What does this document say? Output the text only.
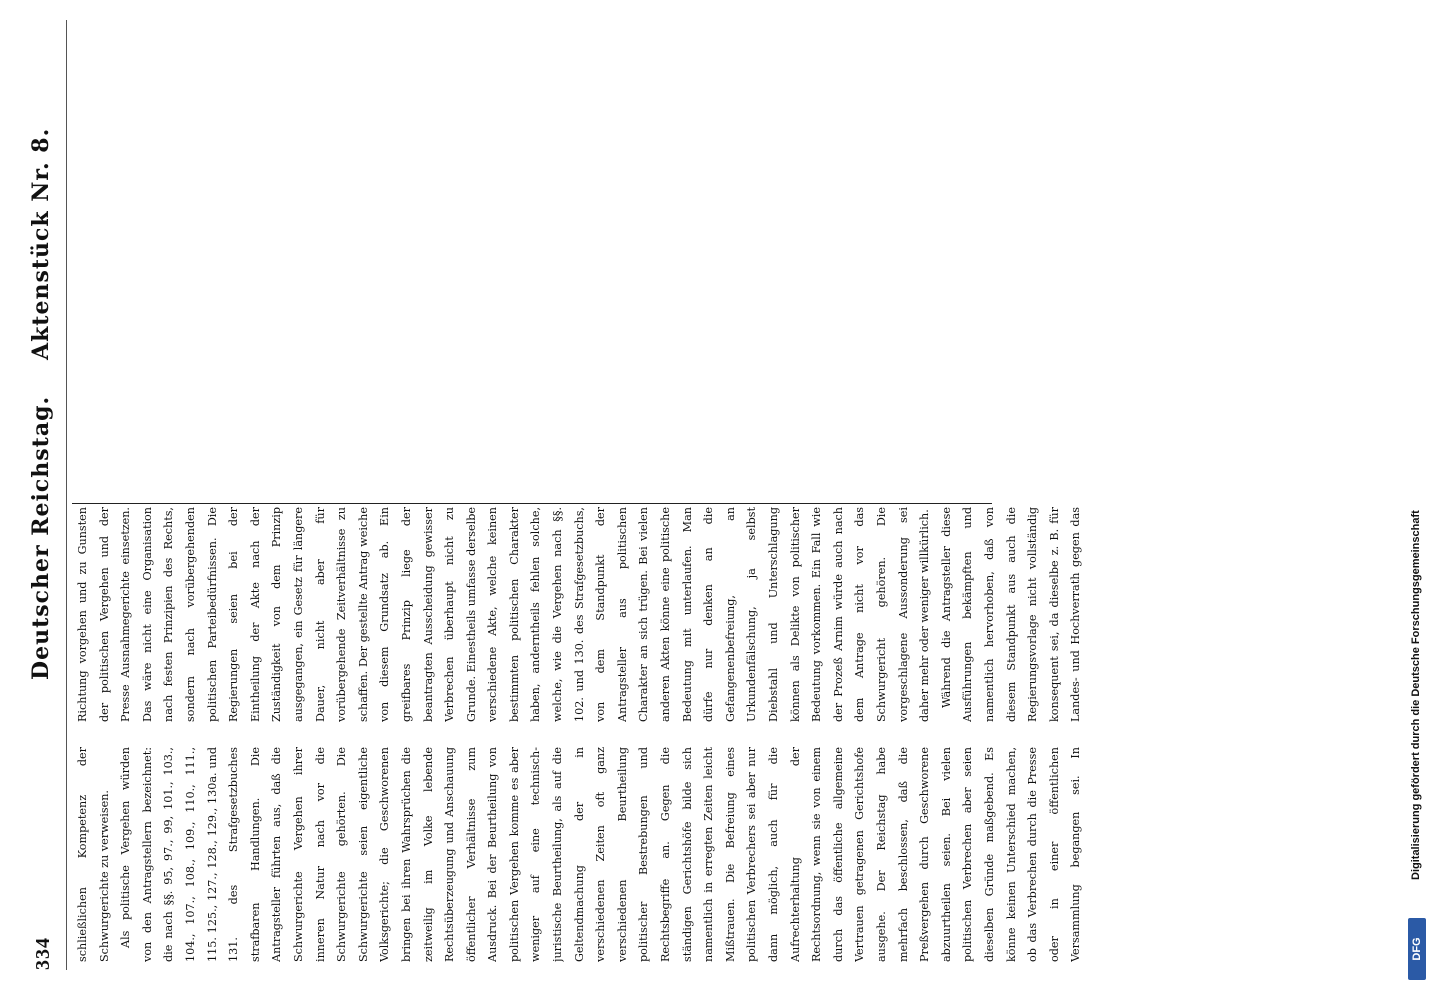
334
Deutscher Reichstag.
Aktenstück Nr. 8.

schließlichen Kompetenz der Schwurgerichte zu verweisen. Als politische Vergehen würden von den Antragstellern bezeichnet: die nach §§. 95, 97., 99, 101., 103., 104., 107., 108., 109., 110., 111., 115. 125., 127., 128., 129., 130a. und 131. des Strafgesetzbuches strafbaren Handlungen. Die Antragsteller führten aus, daß die Schwurgerichte Vergehen ihrer inneren Natur nach vor die Schwurgerichte gehörten. Die Schwurgerichte seien eigentliche Volksgerichte; die Geschworenen bringen bei ihren Wahrsprüchen die zeitweilig im Volke lebende Rechtsüberzeugung und Anschauung öffentlicher Verhältnisse zum Ausdruck. Bei der Beurtheilung von politischen Vergehen komme es aber weniger auf eine technisch-juristische Beurtheilung, als auf die Geltendmachung der in verschiedenen Zeiten oft ganz verschiedenen Beurtheilung politischer Bestrebungen und Rechtsbegriffe an. Gegen die ständigen Gerichtshöfe bilde sich namentlich in erregten Zeiten leicht Mißtrauen. Die Befreiung eines politischen Verbrechers sei aber nur dann möglich, auch für die Aufrechterhaltung der Rechtsordnung, wenn sie von einem durch das öffentliche allgemeine Vertrauen getragenen Gerichtshofe ausgehe. Der Reichstag habe mehrfach beschlossen, daß die Preßvergehen durch Geschworene abzuurtheilen seien. Bei vielen politischen Verbrechen aber seien dieselben Gründe maßgebend. Es könne keinen Unterschied machen, ob das Verbrechen durch die Presse oder in einer öffentlichen Versammlung begangen sei. In

Richtung vorgehen und zu Gunsten der politischen Vergehen und der Presse Ausnahmegerichte einsetzen. Das wäre nicht eine Organisation nach festen Prinzipien des Rechts, sondern nach vorübergehenden politischen Parteibedürfnissen. Die Regierungen seien bei der Eintheilung der Akte nach der Zuständigkeit von dem Prinzip ausgegangen, ein Gesetz für längere Dauer, nicht aber für vorübergehende Zeitverhältnisse zu schaffen. Der gestellte Antrag weiche von diesem Grundsatz ab. Ein greifbares Prinzip liege der beantragten Ausscheidung gewisser Verbrechen überhaupt nicht zu Grunde. Einestheils umfasse derselbe verschiedene Akte, welche keinen bestimmten politischen Charakter haben, anderntheils fehlen solche, welche, wie die Vergehen nach §§. 102. und 130. des Strafgesetzbuchs, von dem Standpunkt der Antragsteller aus politischen Charakter an sich trügen. Bei vielen anderen Akten könne eine politische Bedeutung mit unterlaufen. Man dürfe nur denken an die Gefangenenbefreiung, an Urkundenfälschung, ja selbst Diebstahl und Unterschlagung können als Delikte von politischer Bedeutung vorkommen. Ein Fall wie der Prozeß Arnim würde auch nach dem Antrage nicht vor das Schwurgericht gehören. Die vorgeschlagene Aussonderung sei daher mehr oder weniger willkürlich. Während die Antragsteller diese Ausführungen bekämpften und namentlich hervorhoben, daß von diesem Standpunkt aus auch die Regierungsvorlage nicht vollständig konsequent sei, da dieselbe z. B. für Landes- und Hochverrath gegen das

DFG
Digitalisierung gefördert durch die Deutsche Forschungsgemeinschaft
